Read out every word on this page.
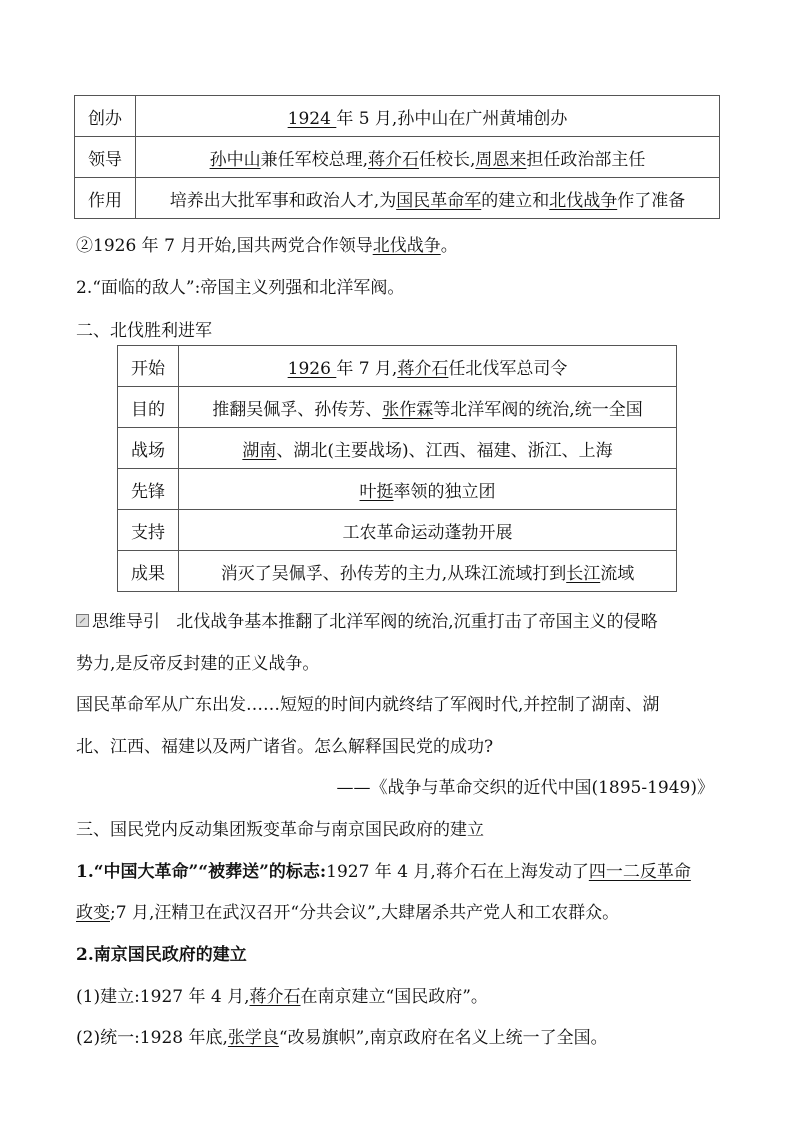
创办	1924 年 5 月,孙中山在广州黄埔创办
领导	孙中山兼任军校总理,蒋介石任校长,周恩来担任政治部主任
作用	培养出大批军事和政治人才,为国民革命军的建立和北伐战争作了准备
②1926 年 7 月开始,国共两党合作领导北伐战争。
2.“面临的敌人”:帝国主义列强和北洋军阀。
二、北伐胜利进军
开始	1926 年 7 月,蒋介石任北伐军总司令
目的	推翻吴佩孚、孙传芳、张作霖等北洋军阀的统治,统一全国
战场	湖南、湖北(主要战场)、江西、福建、浙江、上海
先锋	叶挺率领的独立团
支持	工农革命运动蓬勃开展
成果	消灭了吴佩孚、孙传芳的主力,从珠江流域打到长江流域
思维导引 北伐战争基本推翻了北洋军阀的统治,沉重打击了帝国主义的侵略
势力,是反帝反封建的正义战争。
国民革命军从广东出发……短短的时间内就终结了军阀时代,并控制了湖南、湖
北、江西、福建以及两广诸省。怎么解释国民党的成功?
——《战争与革命交织的近代中国(1895-1949)》
三、国民党内反动集团叛变革命与南京国民政府的建立
1.“中国大革命”“被葬送”的标志:1927 年 4 月,蒋介石在上海发动了四一二反革命
政变;7 月,汪精卫在武汉召开“分共会议”,大肆屠杀共产党人和工农群众。
2.南京国民政府的建立
(1)建立:1927 年 4 月,蒋介石在南京建立“国民政府”。
(2)统一:1928 年底,张学良“改易旗帜”,南京政府在名义上统一了全国。
